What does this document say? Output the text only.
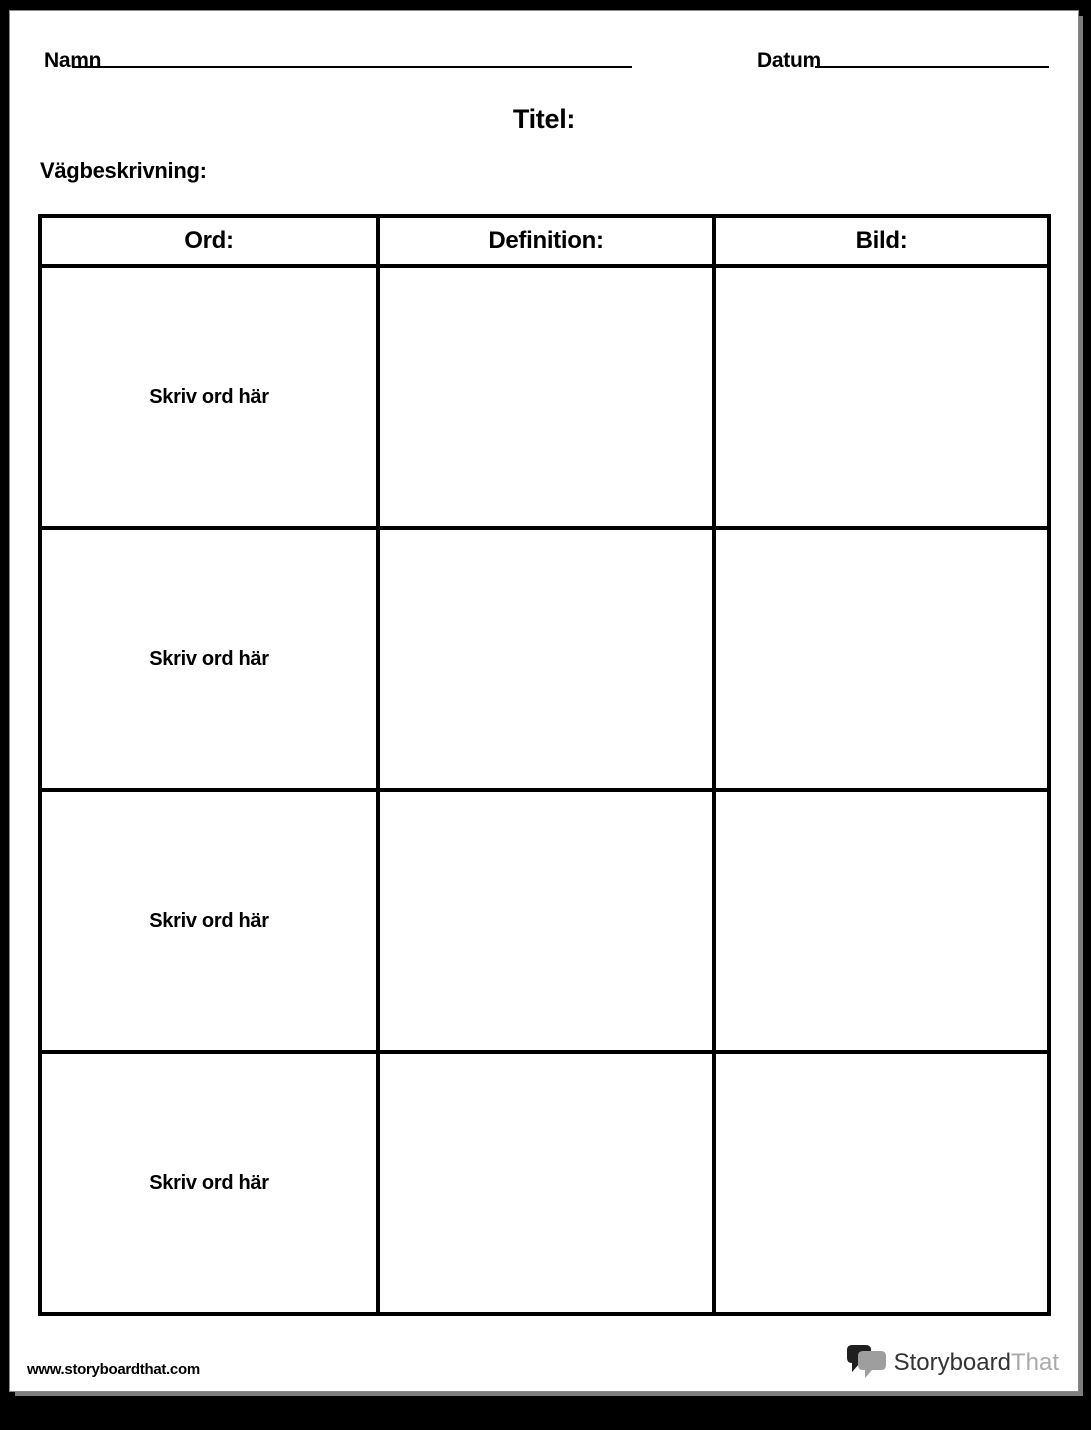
Namn	Datum
Titel:
Vägbeskrivning:
Ord:	Definition:	Bild:
Skriv ord här		
Skriv ord här		
Skriv ord här		
Skriv ord här		
www.storyboardthat.com	StoryboardThat
